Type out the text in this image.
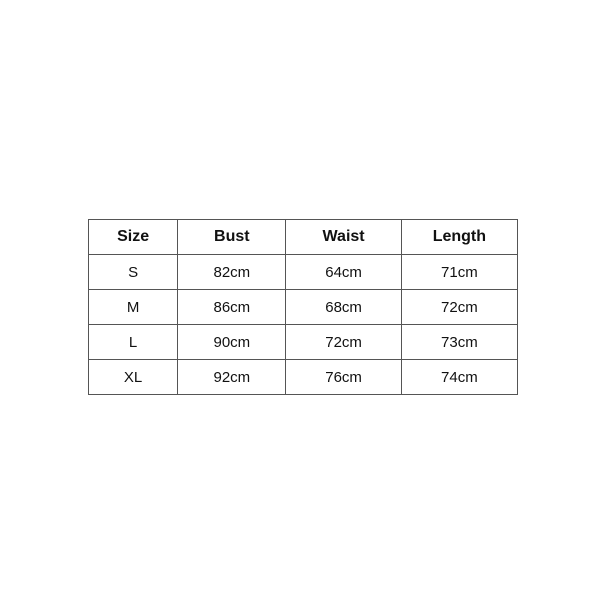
Size	Bust	Waist	Length
S	82cm	64cm	71cm
M	86cm	68cm	72cm
L	90cm	72cm	73cm
XL	92cm	76cm	74cm
